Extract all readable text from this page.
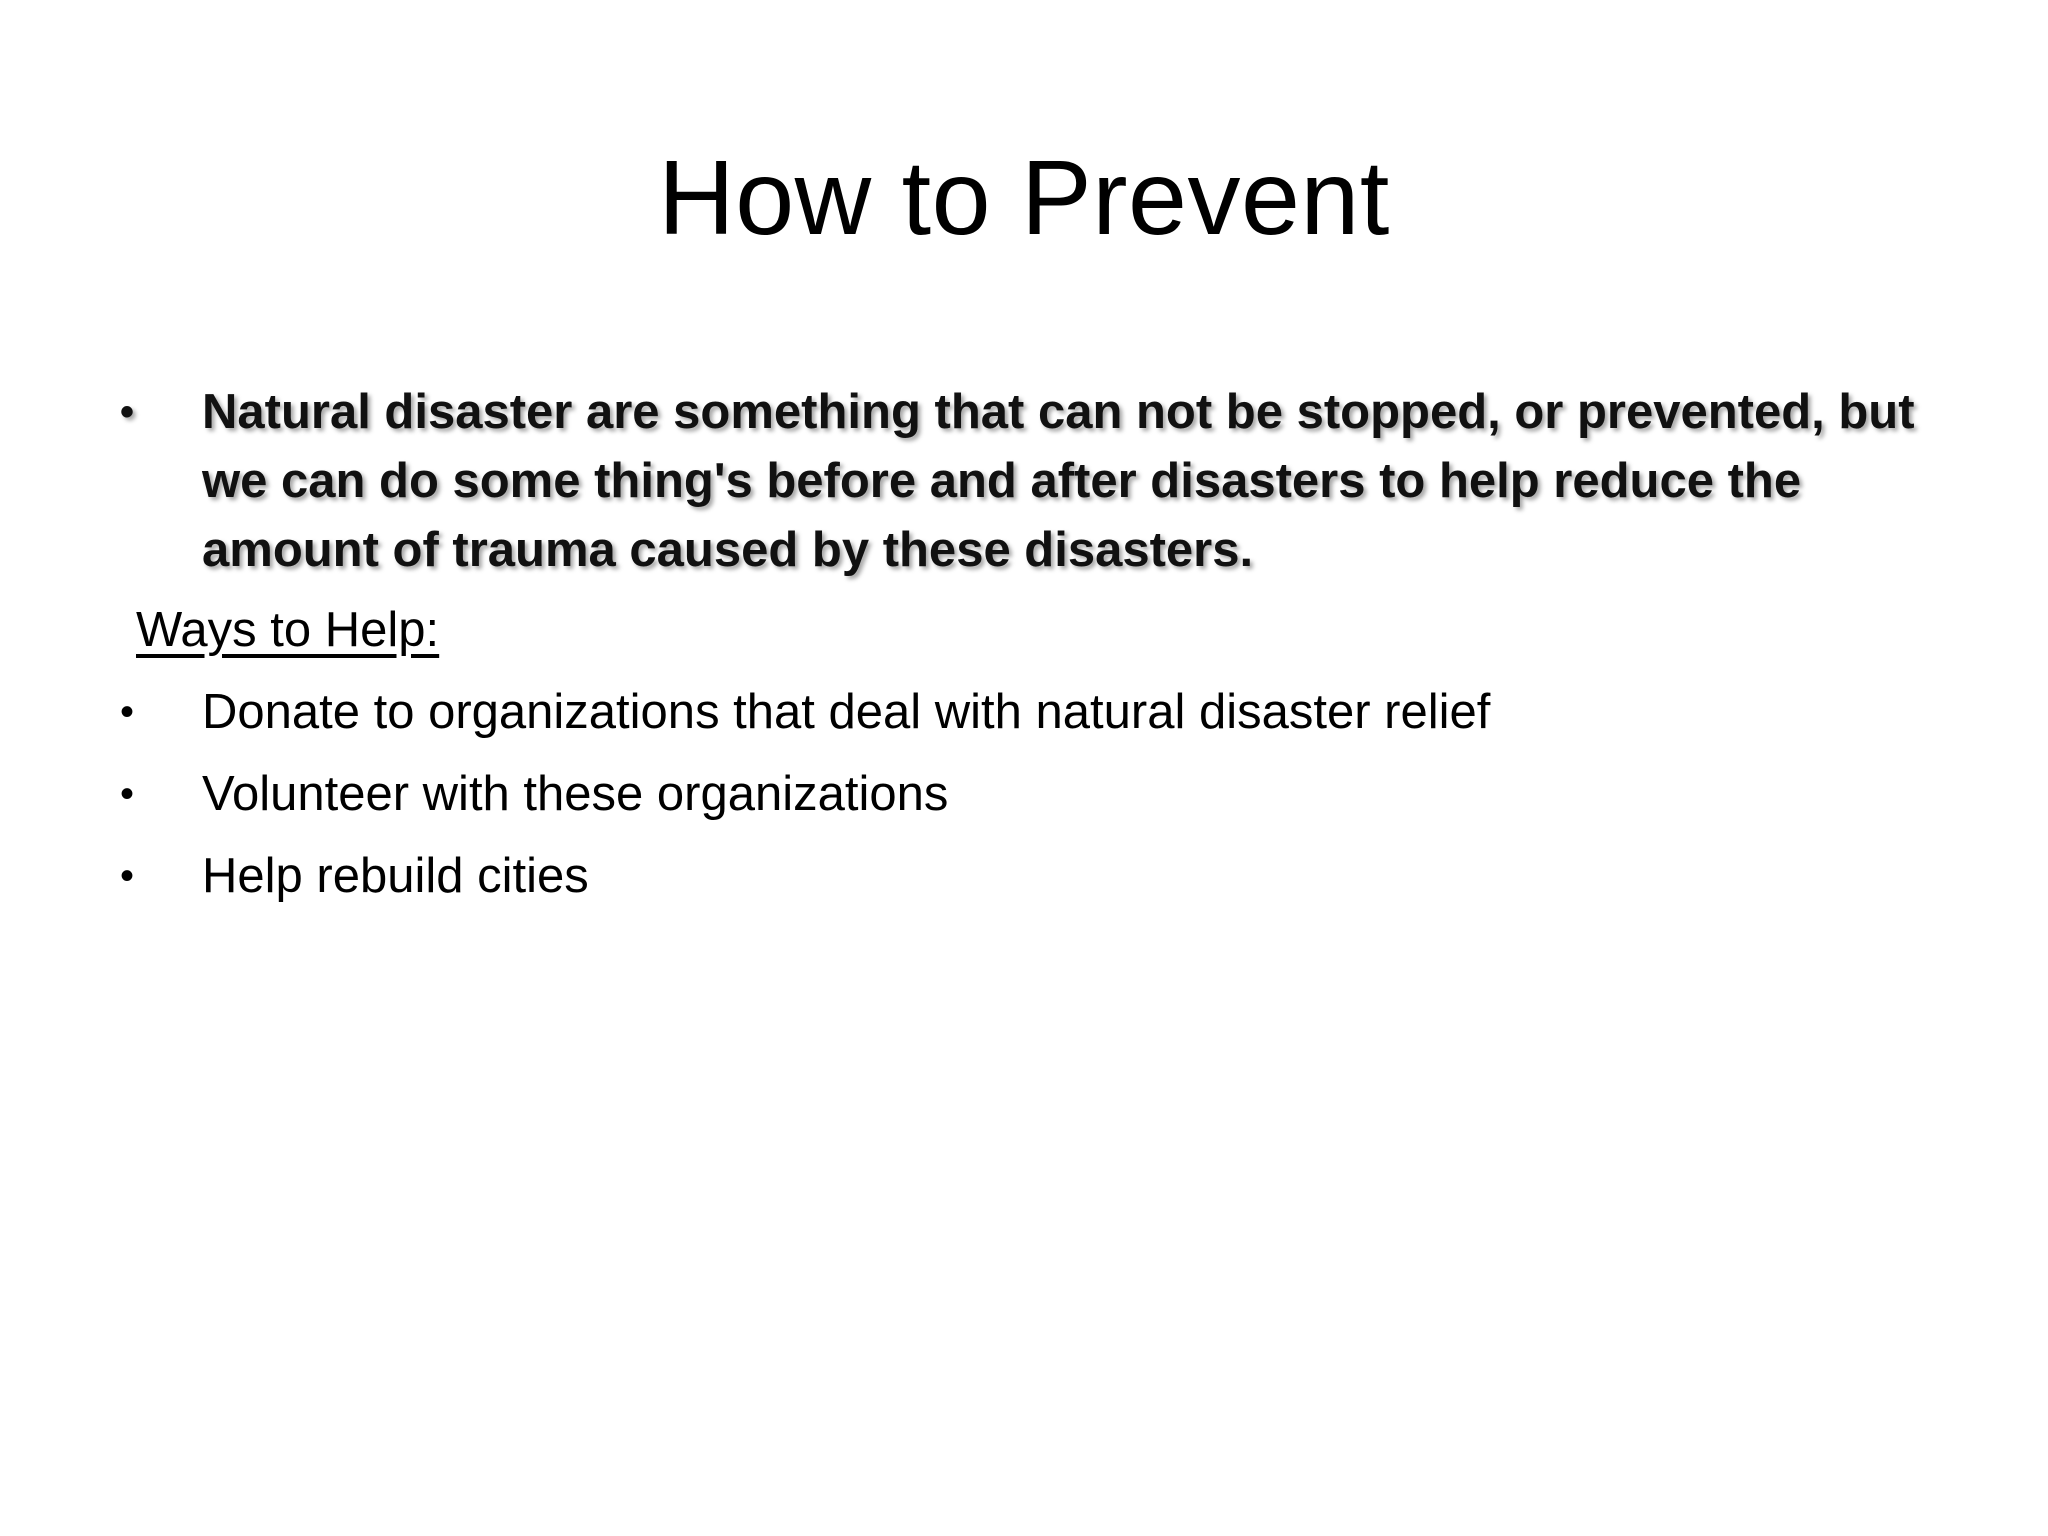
How to Prevent
•	Natural disaster are something that can not be stopped, or prevented, but we can do some thing's before and after disasters to help reduce the amount of trauma caused by these disasters.
Ways to Help:
•	Donate to organizations that deal with natural disaster relief
•	Volunteer with these organizations
•	Help rebuild cities
